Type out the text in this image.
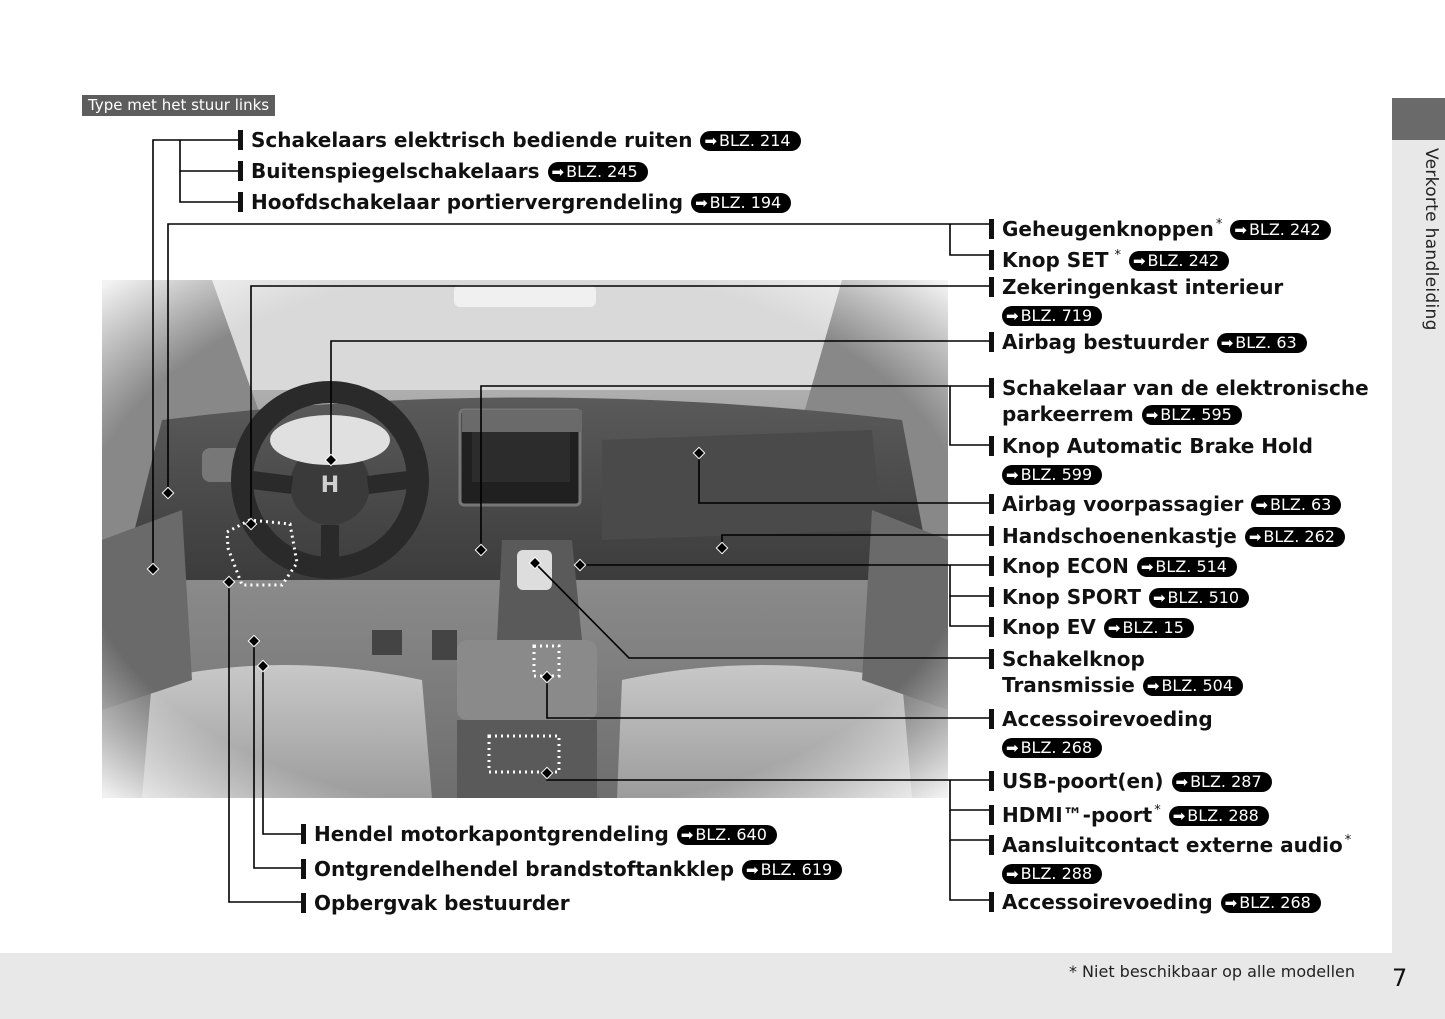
Type met het stuur links
Verkorte handleiding
* Niet beschikbaar op alle modellen 7
Schakelaars elektrisch bediende ruiten ➡ BLZ. 214
Buitenspiegelschakelaars ➡ BLZ. 245
Hoofdschakelaar portiervergrendeling ➡ BLZ. 194
Geheugenknoppen * ➡ BLZ. 242
Knop SET * ➡ BLZ. 242
Zekeringenkast interieur
➡ BLZ. 719
Airbag bestuurder ➡ BLZ. 63
Schakelaar van de elektronische
parkeerrem ➡ BLZ. 595
Knop Automatic Brake Hold
➡ BLZ. 599
Airbag voorpassagier ➡ BLZ. 63
Handschoenenkastje ➡ BLZ. 262
Knop ECON ➡ BLZ. 514
Knop SPORT ➡ BLZ. 510
Knop EV ➡ BLZ. 15
Schakelknop
Transmissie ➡ BLZ. 504
Accessoirevoeding
➡ BLZ. 268
USB-poort(en) ➡ BLZ. 287
HDMI™-poort * ➡ BLZ. 288
Aansluitcontact externe audio *
➡ BLZ. 288
Accessoirevoeding ➡ BLZ. 268
Hendel motorkapontgrendeling ➡ BLZ. 640
Ontgrendelhendel brandstoftankklep ➡ BLZ. 619
Opbergvak bestuurder
